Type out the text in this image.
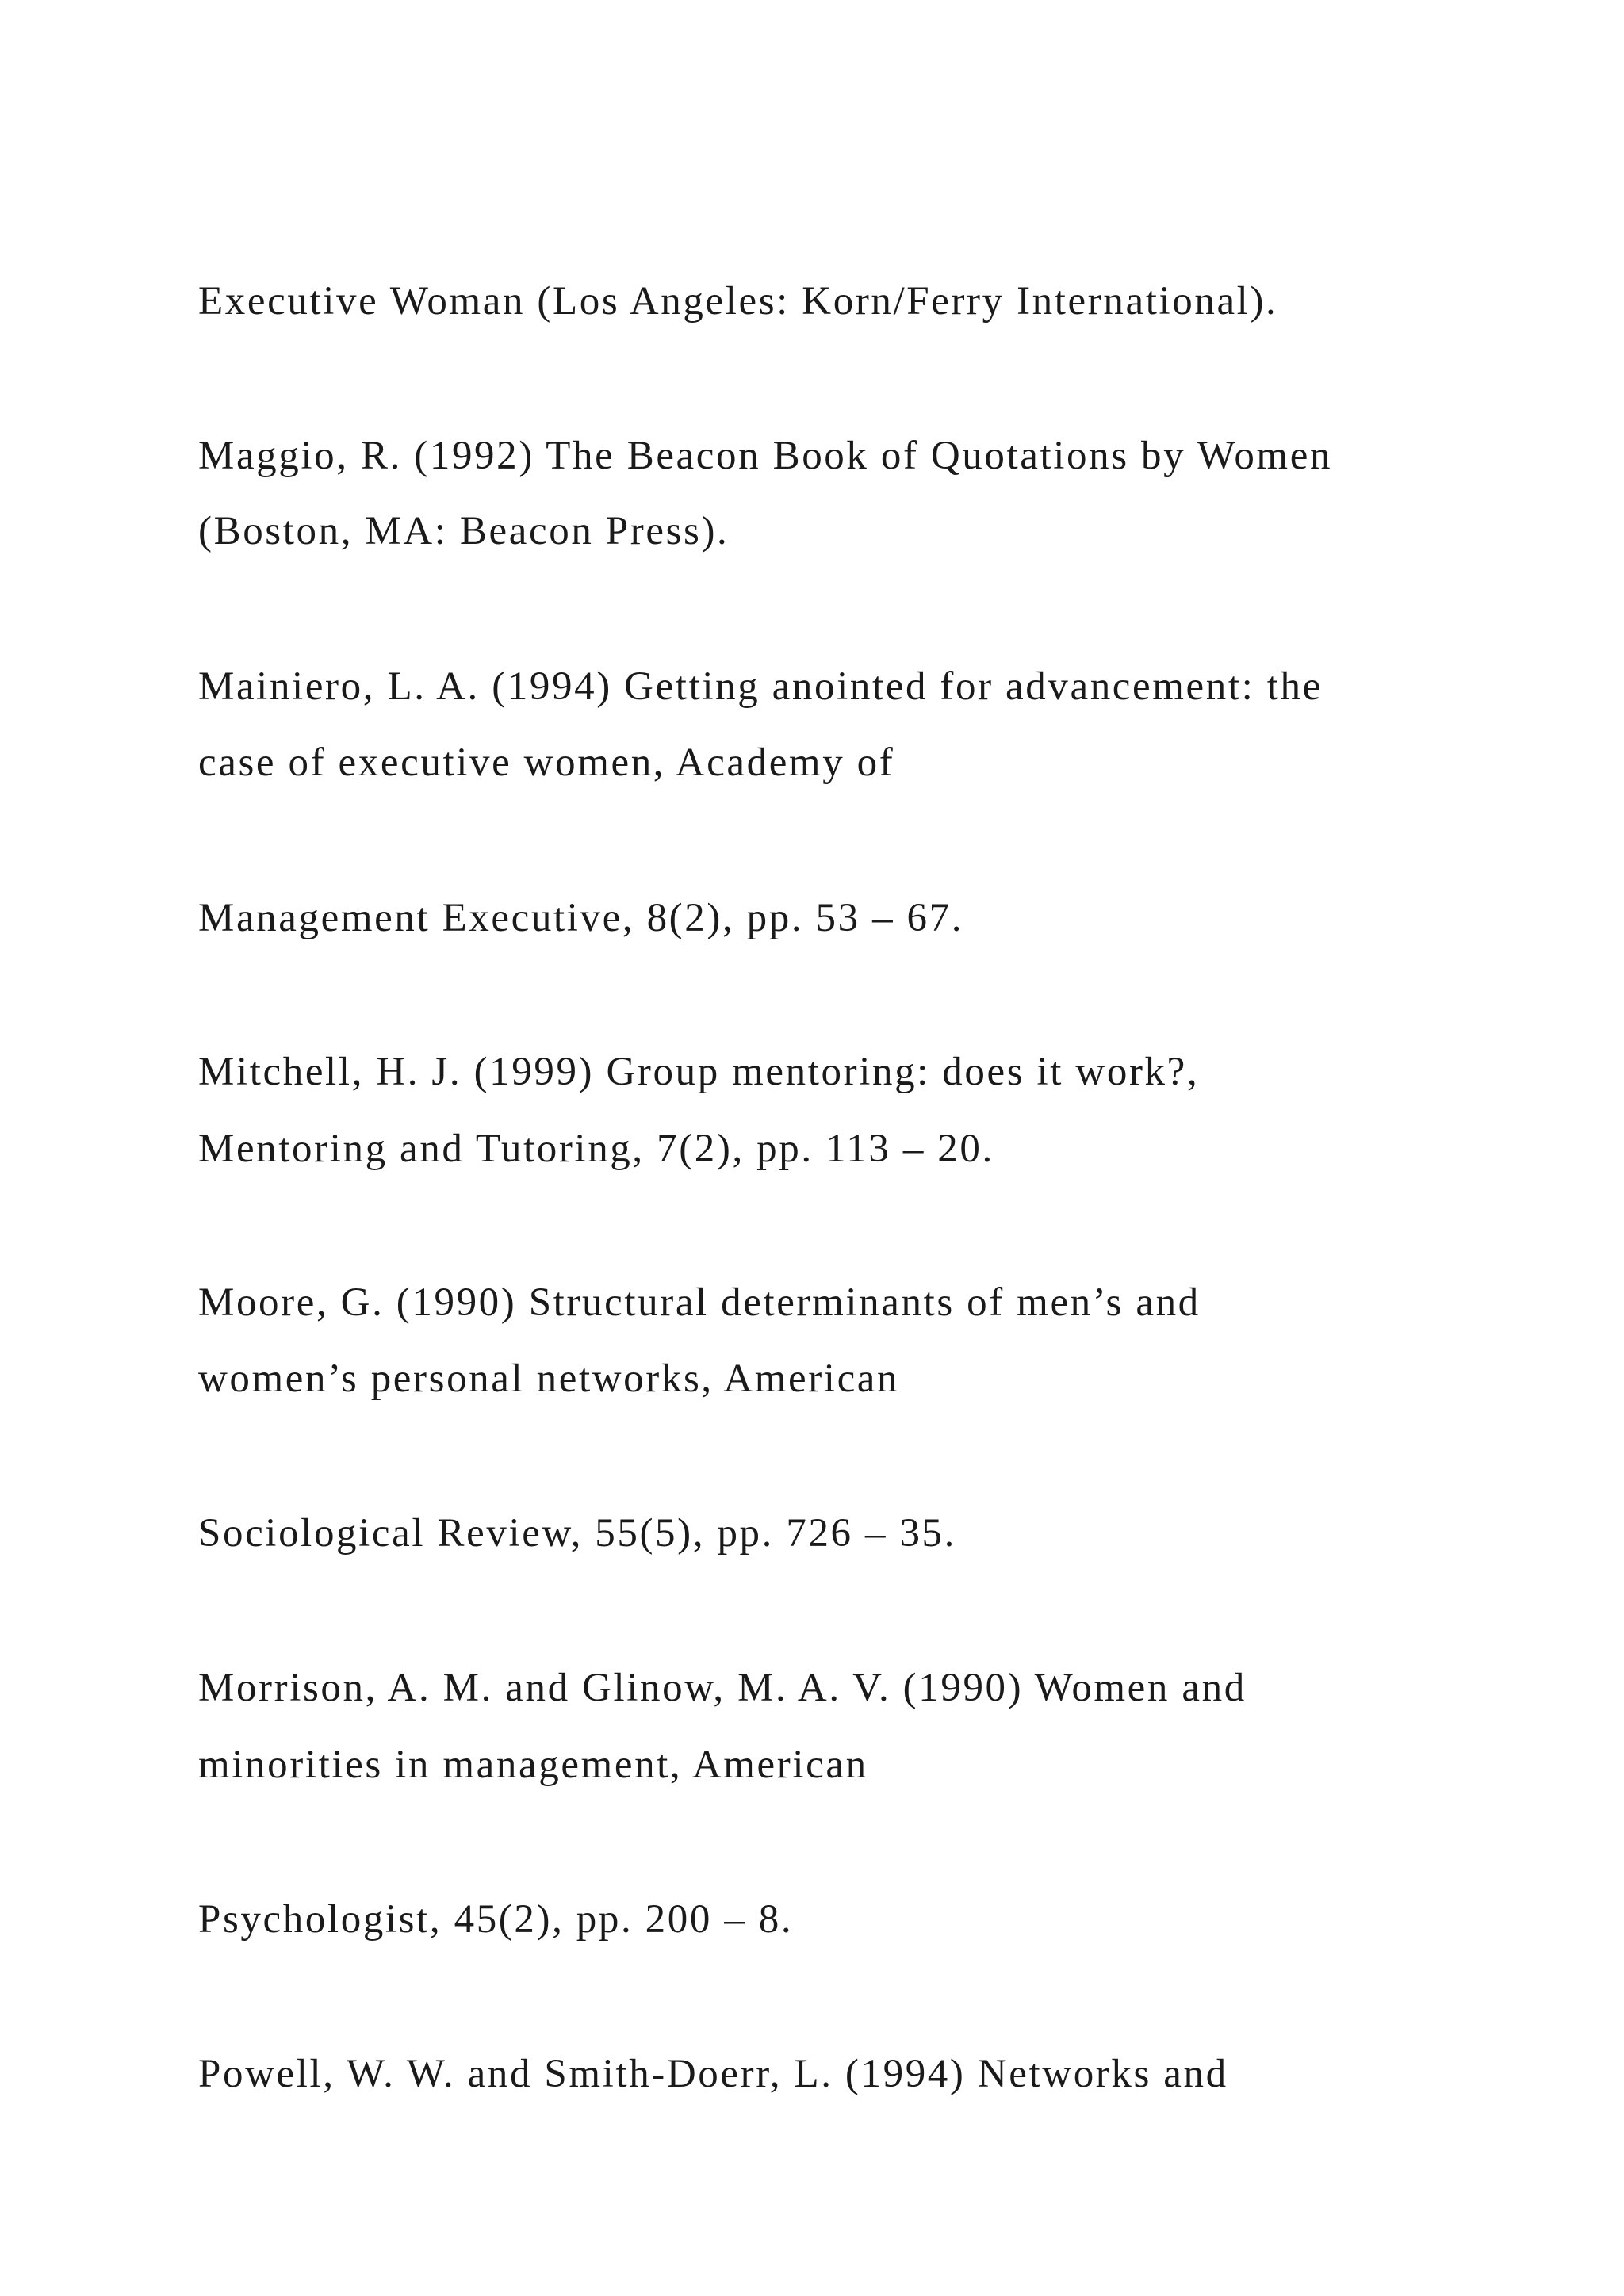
Executive Woman (Los Angeles: Korn/Ferry International).

Maggio, R. (1992) The Beacon Book of Quotations by Women

(Boston, MA: Beacon Press).

Mainiero, L. A. (1994) Getting anointed for advancement: the

case of executive women, Academy of

Management Executive, 8(2), pp. 53 – 67.

Mitchell, H. J. (1999) Group mentoring: does it work?,

Mentoring and Tutoring, 7(2), pp. 113 – 20.

Moore, G. (1990) Structural determinants of men’s and

women’s personal networks, American

Sociological Review, 55(5), pp. 726 – 35.

Morrison, A. M. and Glinow, M. A. V. (1990) Women and

minorities in management, American

Psychologist, 45(2), pp. 200 – 8.

Powell, W. W. and Smith-Doerr, L. (1994) Networks and
